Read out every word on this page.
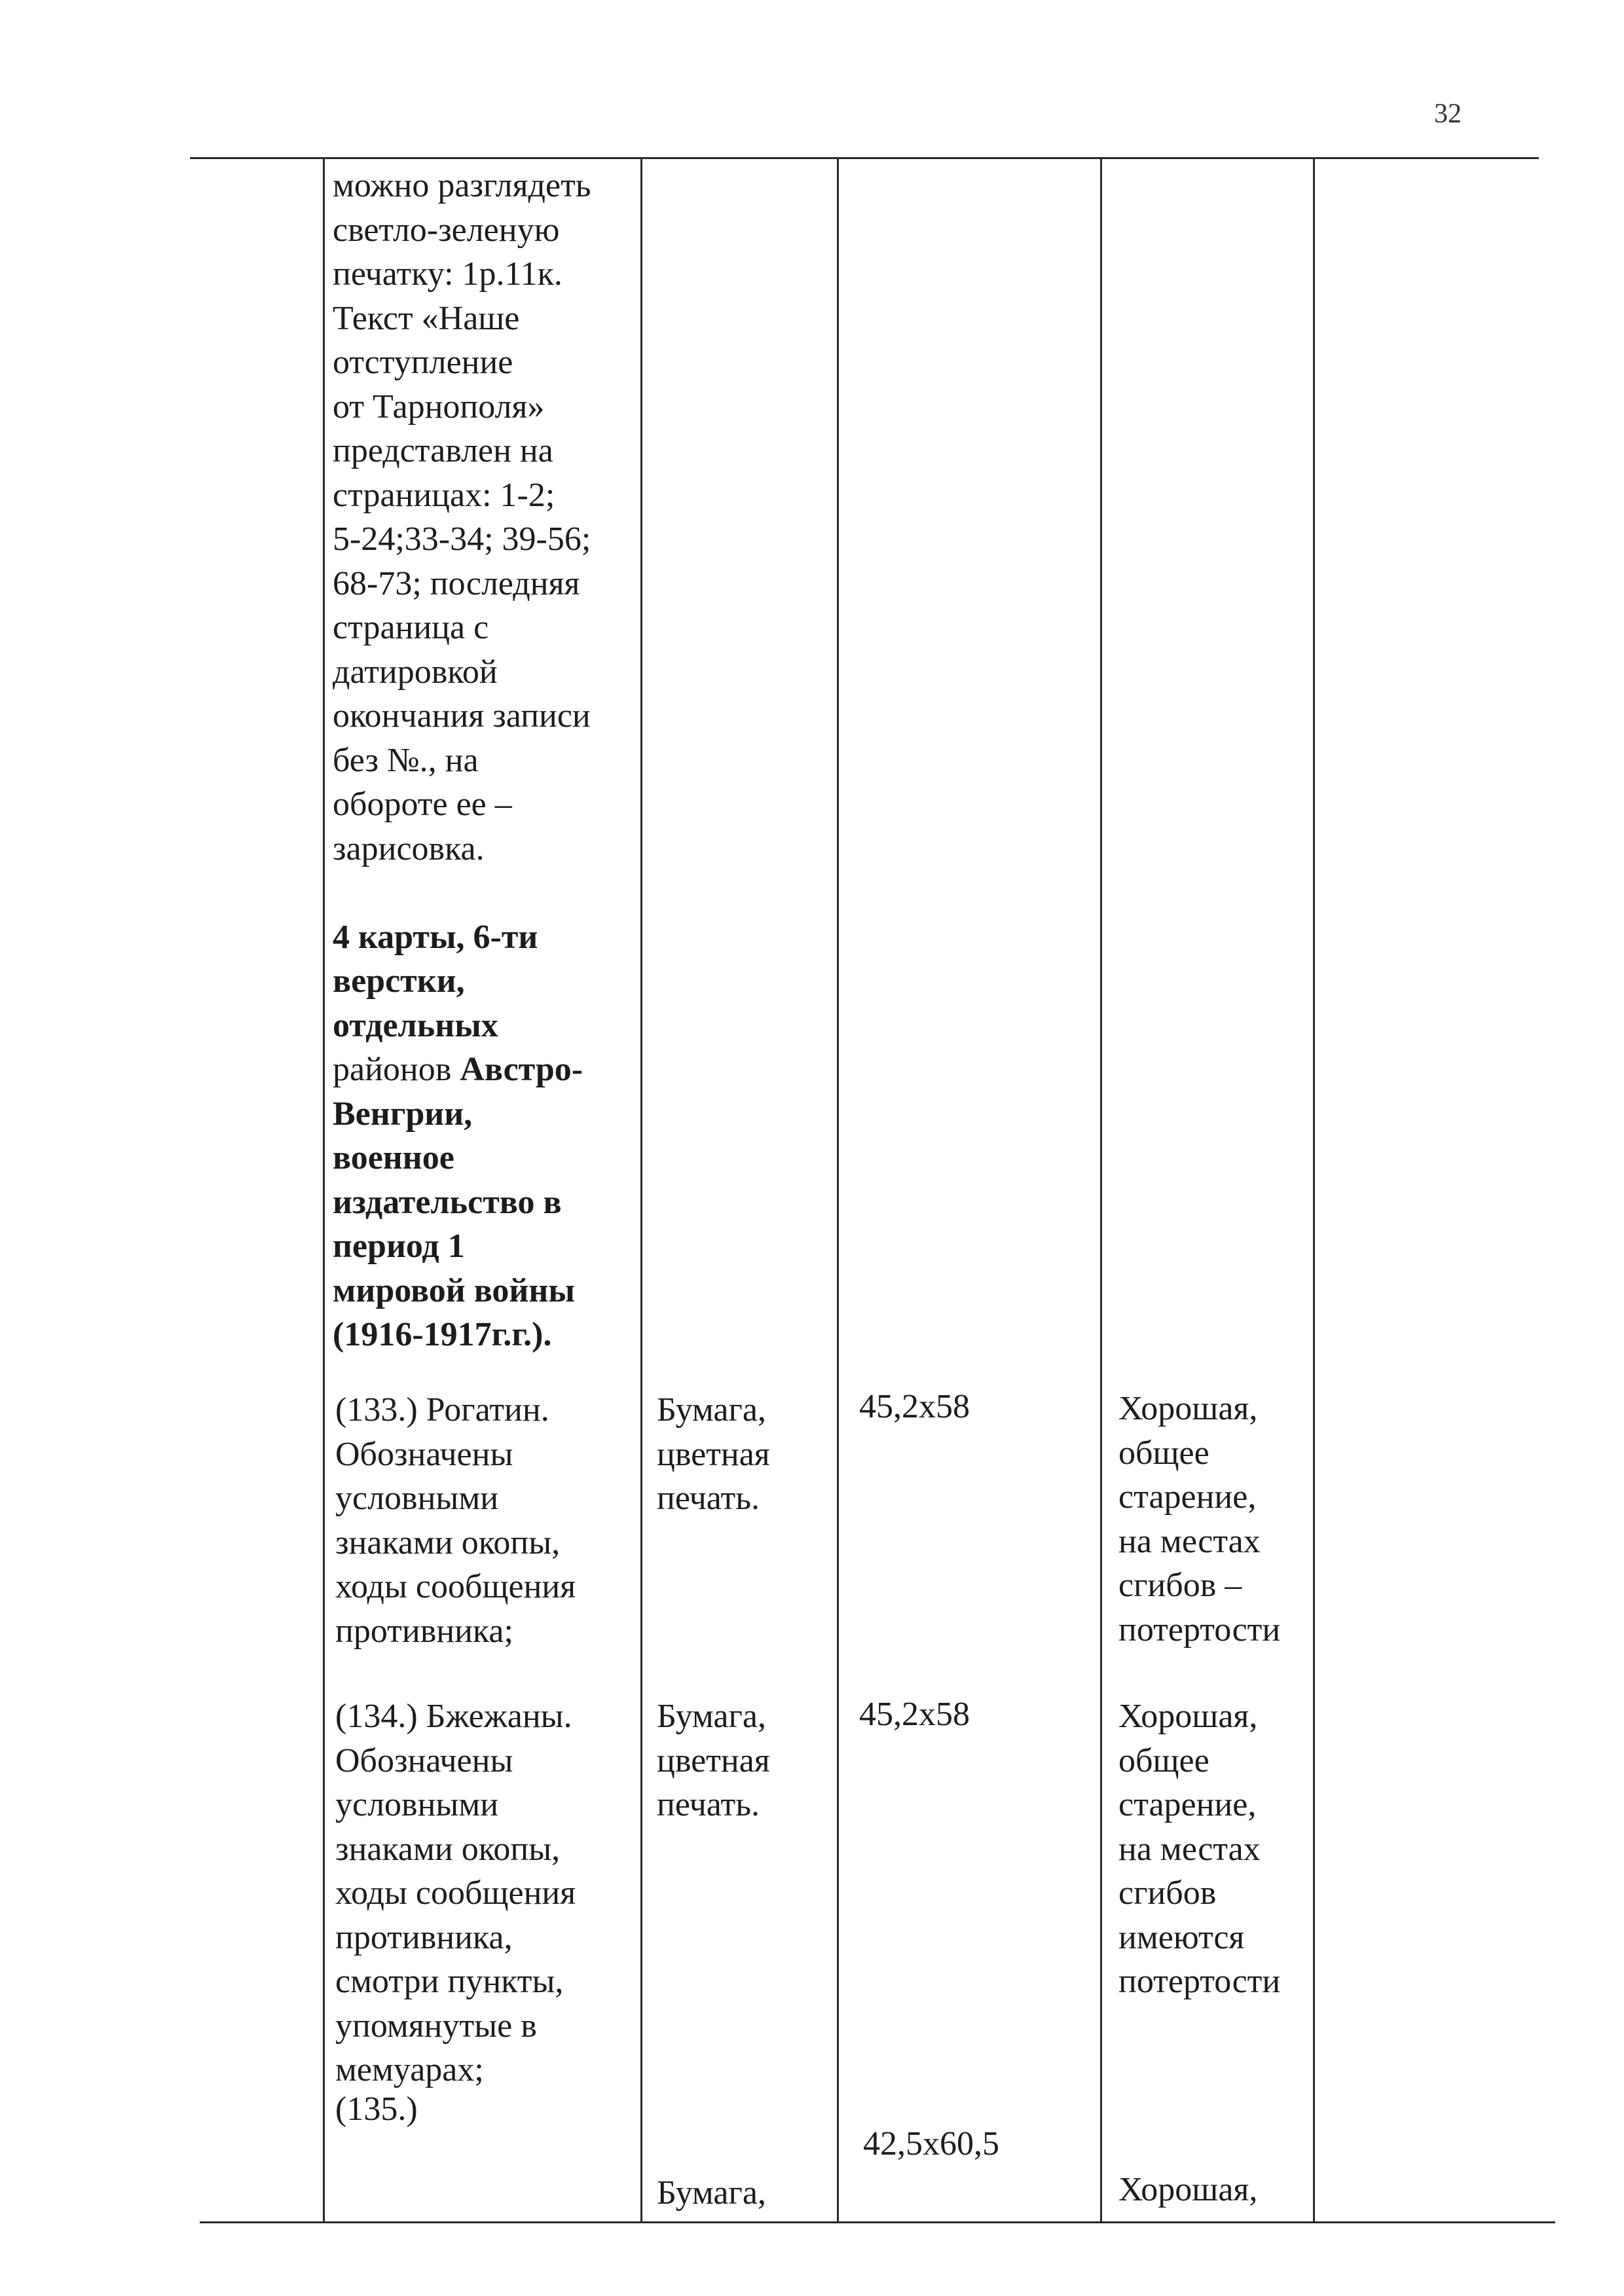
32

можно разглядеть

светло-зеленую

печатку: 1р.11к.

Текст «Наше

отступление

от Тарнополя»

представлен на

страницах: 1-2;

5-24;33-34; 39-56;

68-73; последняя

страница с

датировкой

окончания записи

без №., на

обороте ее –

зарисовка.

4 карты, 6-ти

верстки,

отдельных

районов Австро-

Венгрии,

военное

издательство в

период 1

мировой войны

(1916-1917г.г.).

(133.) Рогатин.
Обозначены
условными
знаками окопы,
ходы сообщения
противника;
Бумага,
цветная
печать.
45,2х58	Хорошая,
общее
старение,
на местах
сгибов –
потертости
(134.) Бжежаны.
Обозначены
условными
знаками окопы,
ходы сообщения
противника,
смотри пункты,
упомянутые в
мемуарах;
Бумага,
цветная
печать.
45,2х58	Хорошая,
общее
старение,
на местах
сгибов
имеются
потертости
(135.)
Бумага,
42,5х60,5
Хорошая,
